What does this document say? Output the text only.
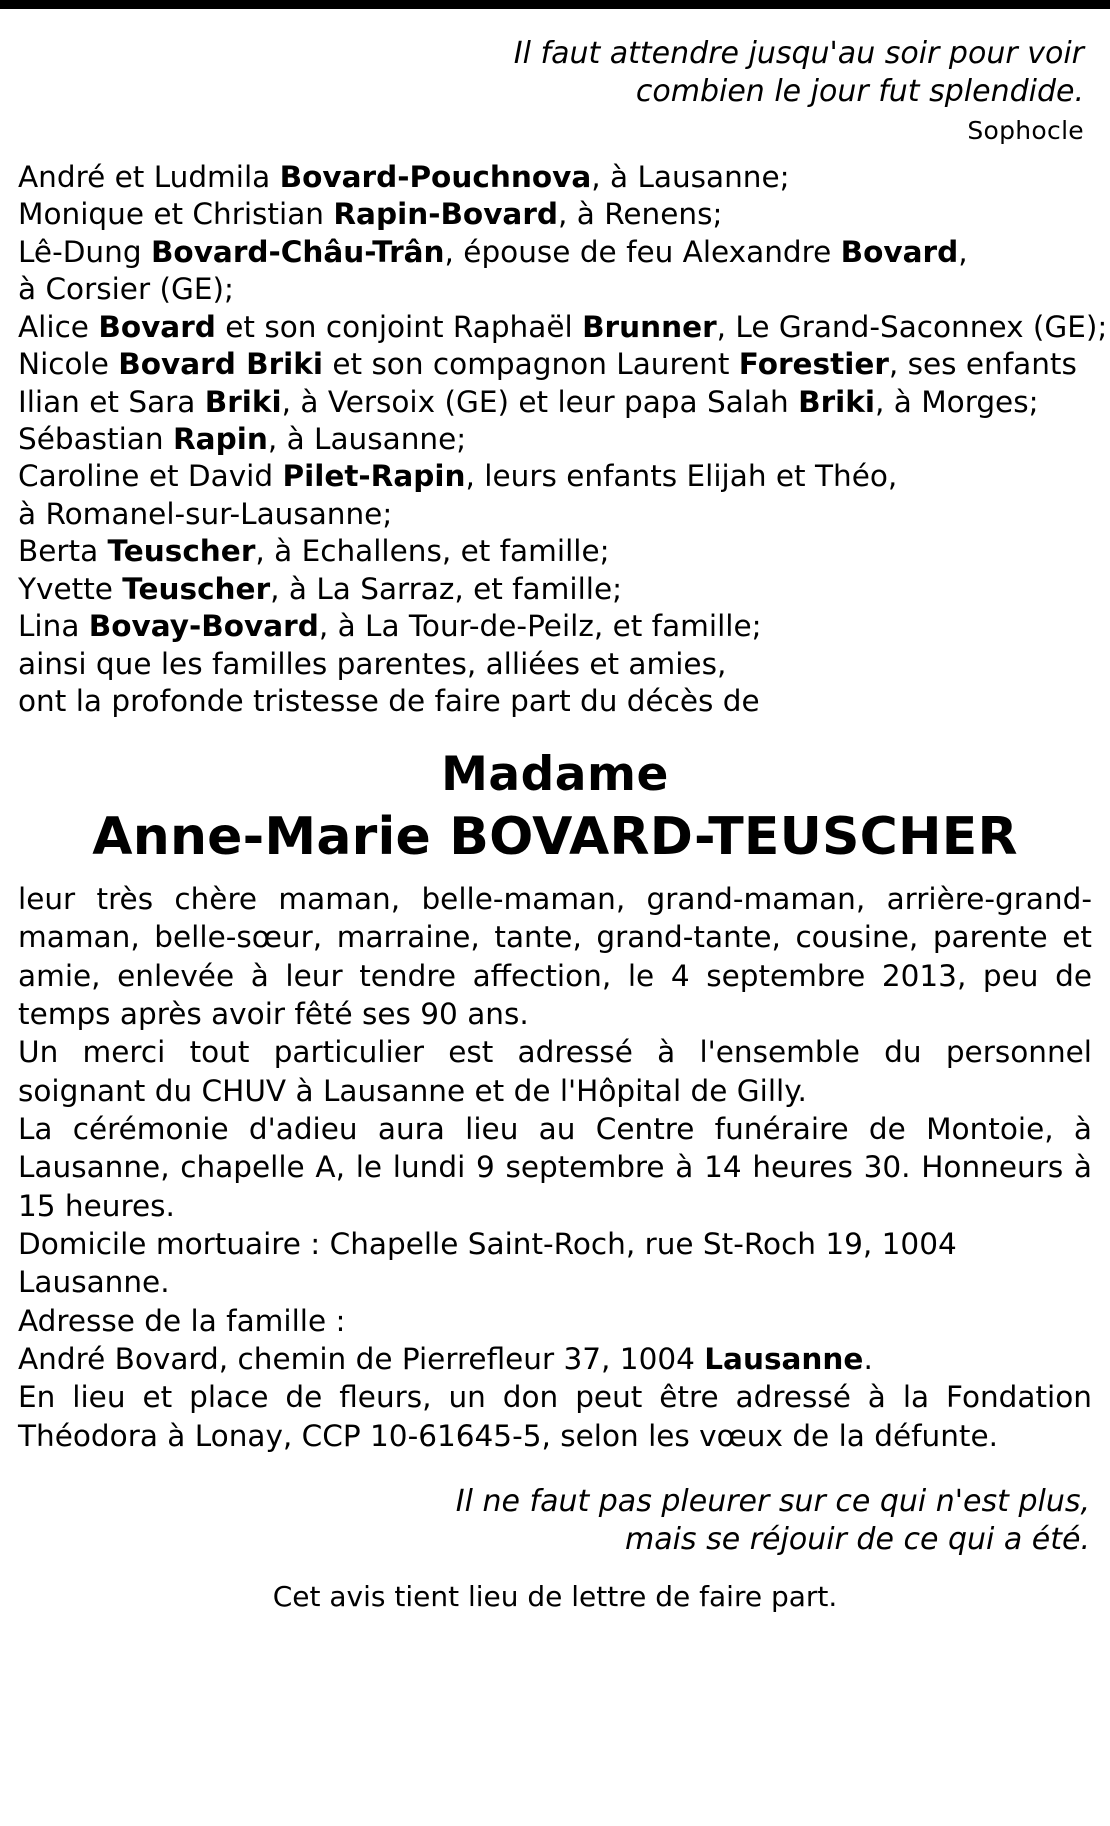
Il faut attendre jusqu'au soir pour voir
combien le jour fut splendide.
Sophocle
André et Ludmila Bovard-Pouchnova, à Lausanne;
Monique et Christian Rapin-Bovard, à Renens;
Lê-Dung Bovard-Châu-Trân, épouse de feu Alexandre Bovard,
à Corsier (GE);
Alice Bovard et son conjoint Raphaël Brunner, Le Grand-Saconnex (GE);
Nicole Bovard Briki et son compagnon Laurent Forestier, ses enfants
Ilian et Sara Briki, à Versoix (GE) et leur papa Salah Briki, à Morges;
Sébastian Rapin, à Lausanne;
Caroline et David Pilet-Rapin, leurs enfants Elijah et Théo,
à Romanel-sur-Lausanne;
Berta Teuscher, à Echallens, et famille;
Yvette Teuscher, à La Sarraz, et famille;
Lina Bovay-Bovard, à La Tour-de-Peilz, et famille;
ainsi que les familles parentes, alliées et amies,
ont la profonde tristesse de faire part du décès de
Madame
Anne-Marie BOVARD-TEUSCHER

leur très chère maman, belle-maman, grand-maman, arrière-grand-maman, belle-sœur, marraine, tante, grand-tante, cousine, parente et amie, enlevée à leur tendre affection, le 4 septembre 2013, peu de temps après avoir fêté ses 90 ans.

Un merci tout particulier est adressé à l'ensemble du personnel soignant du CHUV à Lausanne et de l'Hôpital de Gilly.

La cérémonie d'adieu aura lieu au Centre funéraire de Montoie, à Lausanne, chapelle A, le lundi 9 septembre à 14 heures 30. Honneurs à 15 heures.

Domicile mortuaire : Chapelle Saint-Roch, rue St-Roch 19, 1004 Lausanne.

Adresse de la famille :

André Bovard, chemin de Pierrefleur 37, 1004 Lausanne.

En lieu et place de fleurs, un don peut être adressé à la Fondation Théodora à Lonay, CCP 10-61645-5, selon les vœux de la défunte.

Il ne faut pas pleurer sur ce qui n'est plus,
mais se réjouir de ce qui a été.
Cet avis tient lieu de lettre de faire part.
